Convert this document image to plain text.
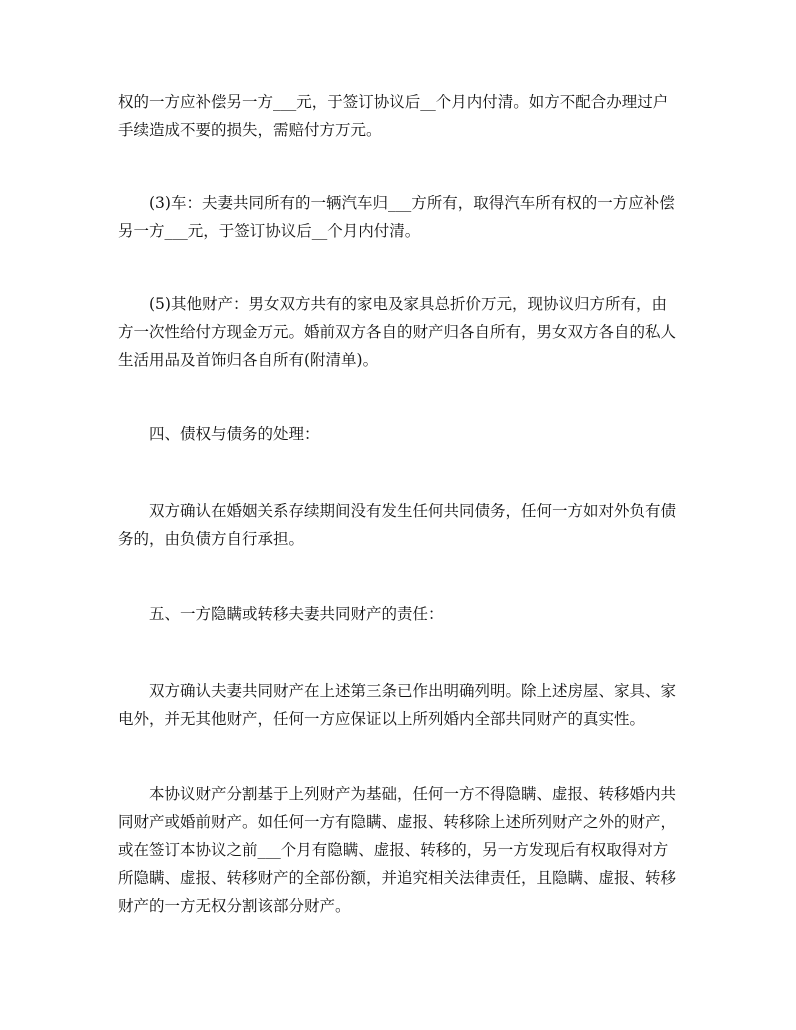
权的一方应补偿另一方___元，于签订协议后__个月内付清。如方不配合办理过户
手续造成不要的损失，需赔付方万元。

(3)车：夫妻共同所有的一辆汽车归___方所有，取得汽车所有权的一方应补偿
另一方___元，于签订协议后__个月内付清。

(5)其他财产：男女双方共有的家电及家具总折价万元，现协议归方所有，由
方一次性给付方现金万元。婚前双方各自的财产归各自所有，男女双方各自的私人
生活用品及首饰归各自所有(附清单)。

四、债权与债务的处理：

双方确认在婚姻关系存续期间没有发生任何共同债务，任何一方如对外负有债
务的，由负债方自行承担。

五、一方隐瞒或转移夫妻共同财产的责任：

双方确认夫妻共同财产在上述第三条已作出明确列明。除上述房屋、家具、家
电外，并无其他财产，任何一方应保证以上所列婚内全部共同财产的真实性。

本协议财产分割基于上列财产为基础，任何一方不得隐瞒、虚报、转移婚内共
同财产或婚前财产。如任何一方有隐瞒、虚报、转移除上述所列财产之外的财产，
或在签订本协议之前___个月有隐瞒、虚报、转移的，另一方发现后有权取得对方
所隐瞒、虚报、转移财产的全部份额，并追究相关法律责任，且隐瞒、虚报、转移
财产的一方无权分割该部分财产。
